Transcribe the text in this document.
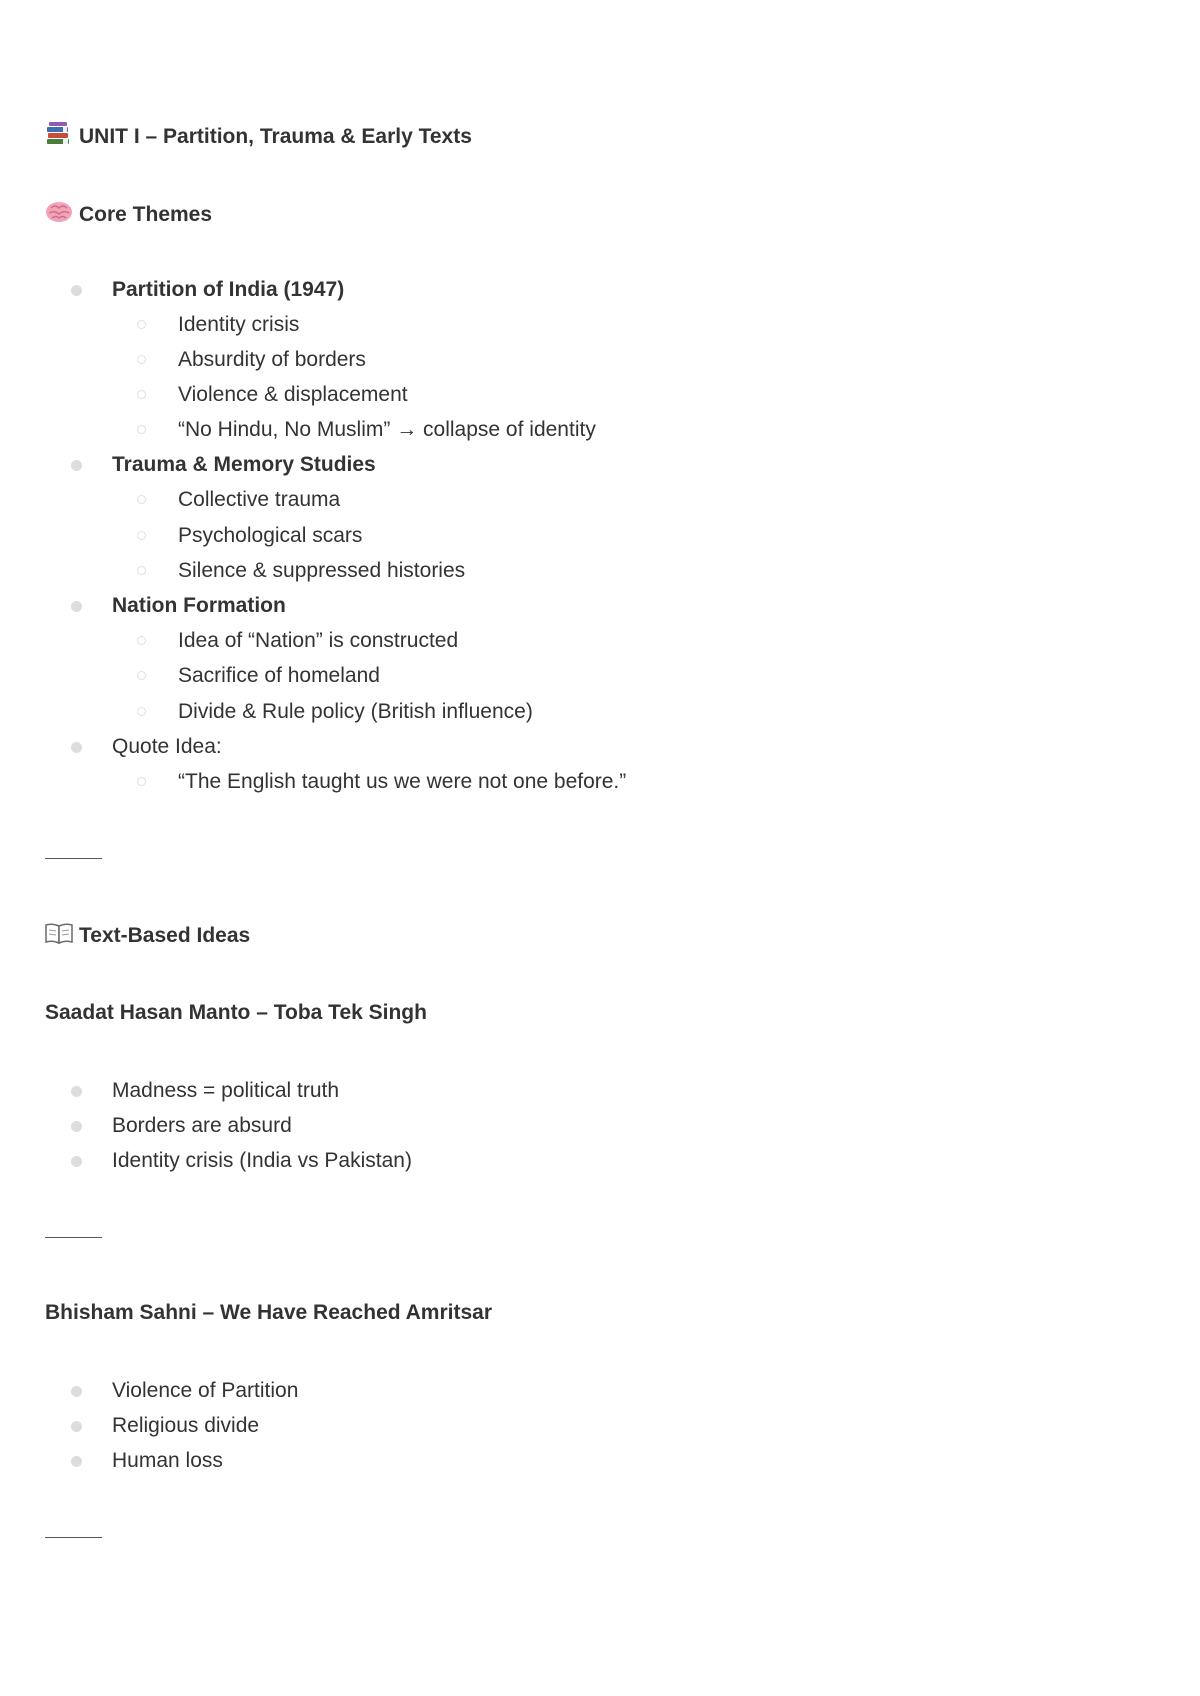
UNIT I – Partition, Trauma & Early Texts
Core Themes
Partition of India (1947)
Identity crisis
Absurdity of borders
Violence & displacement
“No Hindu, No Muslim” → collapse of identity
Trauma & Memory Studies
Collective trauma
Psychological scars
Silence & suppressed histories
Nation Formation
Idea of “Nation” is constructed
Sacrifice of homeland
Divide & Rule policy (British influence)
Quote Idea:
“The English taught us we were not one before.”
Text-Based Ideas
Saadat Hasan Manto – Toba Tek Singh
Madness = political truth
Borders are absurd
Identity crisis (India vs Pakistan)
Bhisham Sahni – We Have Reached Amritsar
Violence of Partition
Religious divide
Human loss
